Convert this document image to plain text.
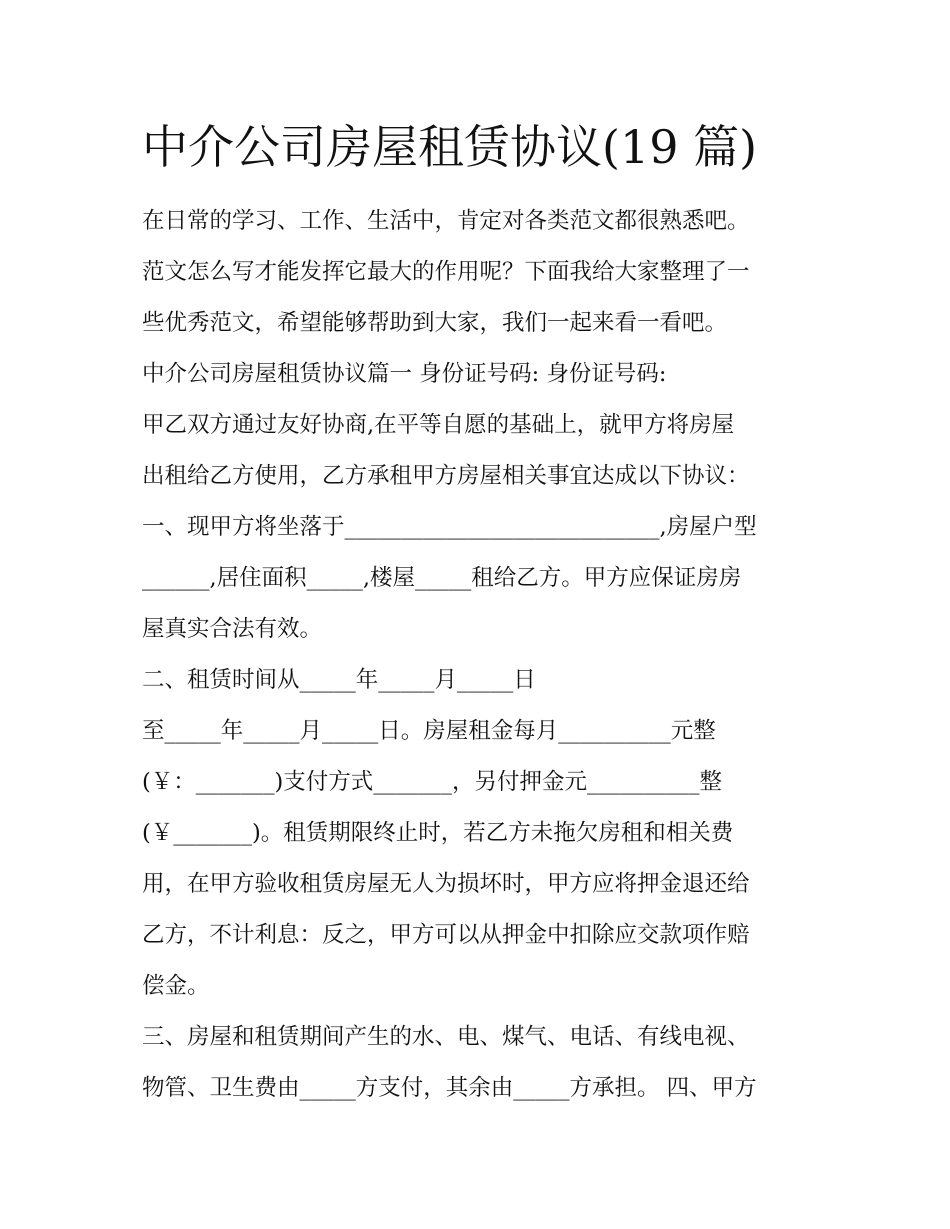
中介公司房屋租赁协议(19 篇)
在日常的学习、工作、生活中，肯定对各类范文都很熟悉吧。
范文怎么写才能发挥它最大的作用呢？下面我给大家整理了一
些优秀范文，希望能够帮助到大家，我们一起来看一看吧。
中介公司房屋租赁协议篇一 身份证号码: 身份证号码:
甲乙双方通过友好协商,在平等自愿的基础上，就甲方将房屋
出租给乙方使用，乙方承租甲方房屋相关事宜达成以下协议：
一、现甲方将坐落于____________________________,房屋户型
______,居住面积_____,楼屋_____租给乙方。甲方应保证房房
屋真实合法有效。
二、租赁时间从_____年_____月_____日
至_____年_____月_____日。房屋租金每月__________元整
(￥：_______)支付方式_______，另付押金元__________整
(￥_______)。租赁期限终止时，若乙方未拖欠房租和相关费
用，在甲方验收租赁房屋无人为损坏时，甲方应将押金退还给
乙方，不计利息：反之，甲方可以从押金中扣除应交款项作赔
偿金。
三、房屋和租赁期间产生的水、电、煤气、电话、有线电视、
物管、卫生费由_____方支付，其余由_____方承担。 四、甲方
